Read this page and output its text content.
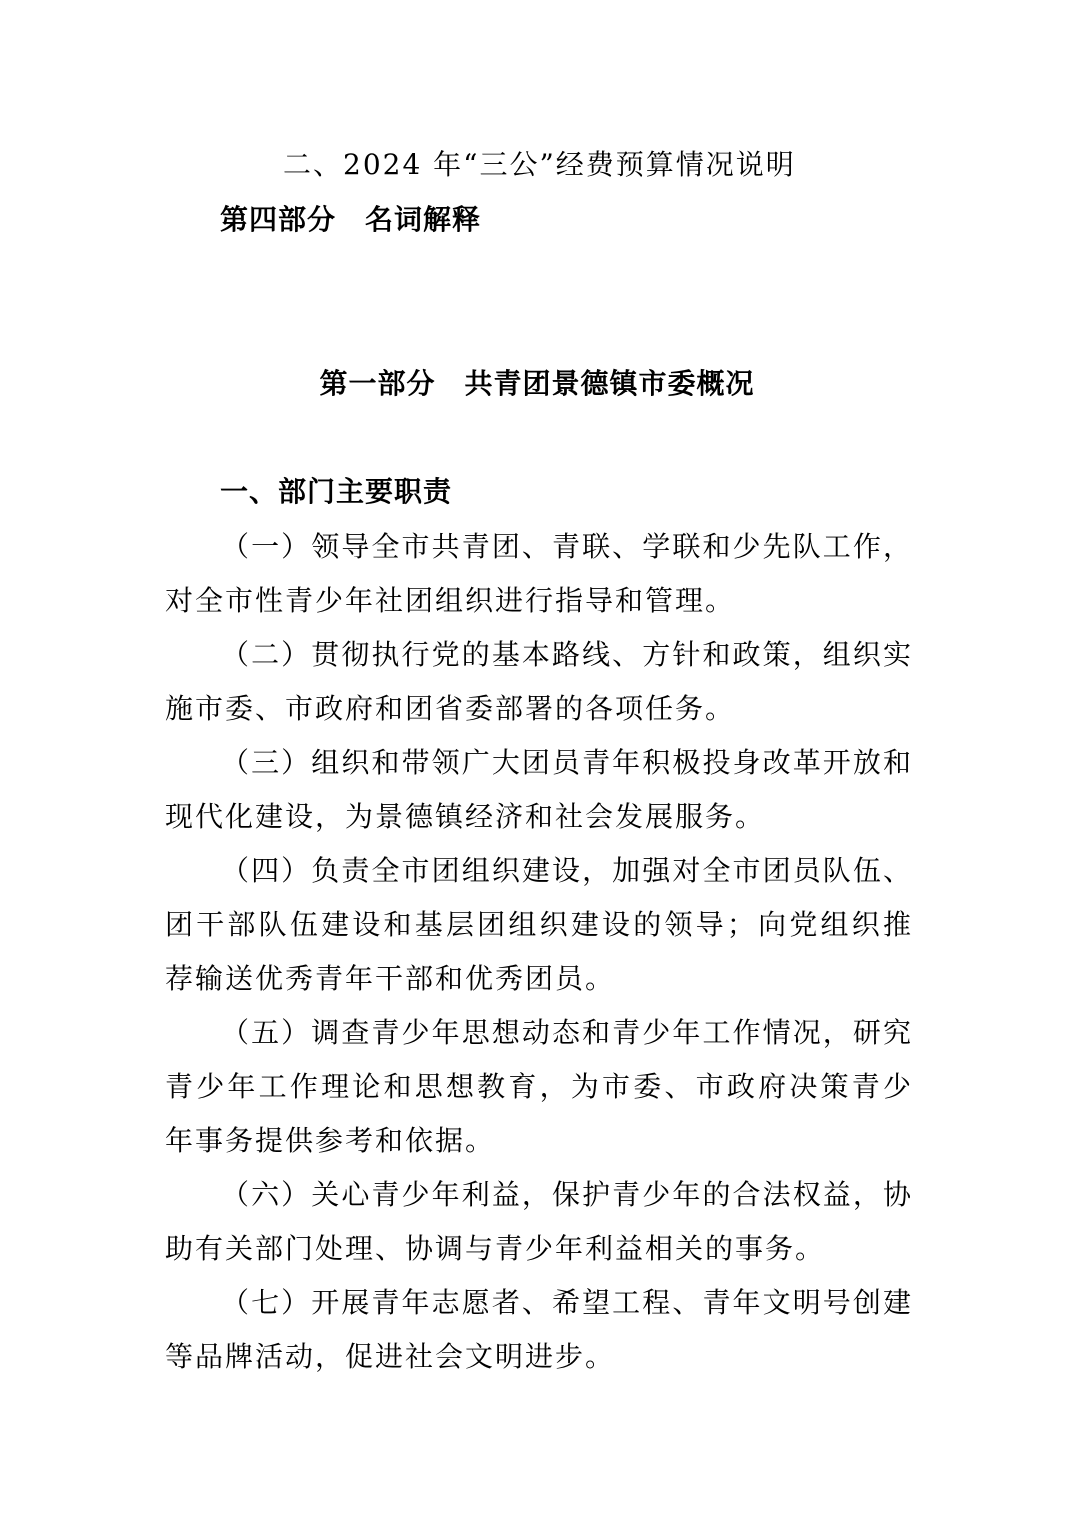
二、2024 年“三公”经费预算情况说明
第四部分　名词解释
第一部分　共青团景德镇市委概况
一、部门主要职责

（一）领导全市共青团、青联、学联和少先队工作，对全市性青少年社团组织进行指导和管理。

（二）贯彻执行党的基本路线、方针和政策，组织实施市委、市政府和团省委部署的各项任务。

（三）组织和带领广大团员青年积极投身改革开放和现代化建设，为景德镇经济和社会发展服务。

（四）负责全市团组织建设，加强对全市团员队伍、团干部队伍建设和基层团组织建设的领导；向党组织推荐输送优秀青年干部和优秀团员。

（五）调查青少年思想动态和青少年工作情况，研究青少年工作理论和思想教育，为市委、市政府决策青少年事务提供参考和依据。

（六）关心青少年利益，保护青少年的合法权益，协助有关部门处理、协调与青少年利益相关的事务。

（七）开展青年志愿者、希望工程、青年文明号创建等品牌活动，促进社会文明进步。
